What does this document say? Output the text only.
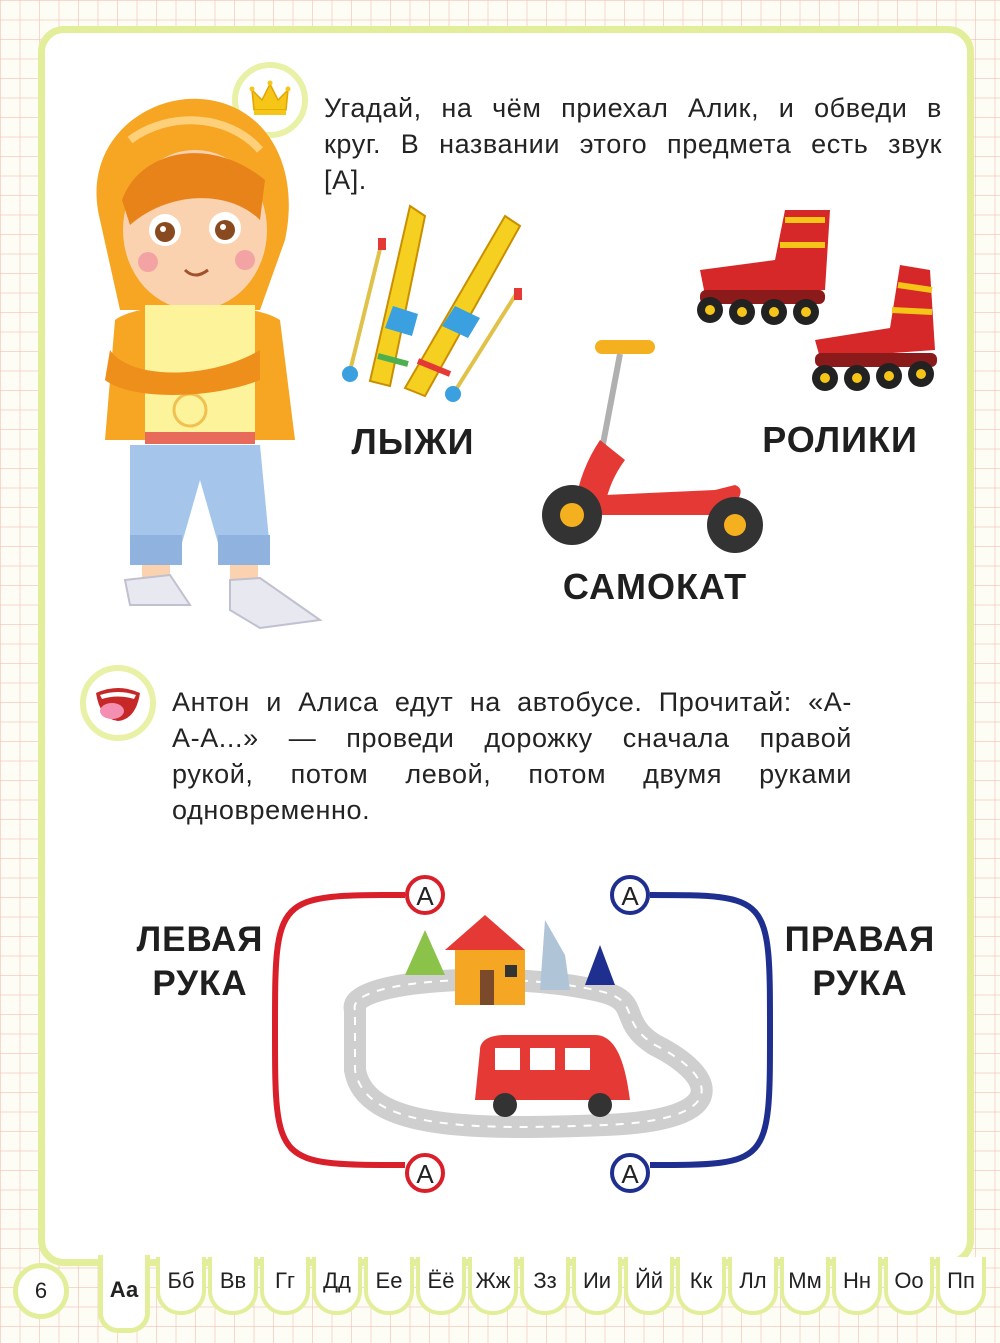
Угадай, на чём приехал Алик, и обведи в круг. В названии этого предмета есть звук [А].

ЛЫЖИ
САМОКАТ
РОЛИКИ

Антон и Алиса едут на автобусе. Прочитай: «А-А-А...» — проведи дорожку сначала правой рукой, потом левой, потом двумя руками одновременно.

А	А
А	А
ЛЕВАЯ
РУКА
ПРАВАЯ
РУКА
6	Аа	Бб	Вв	Гг	Дд	Ее	Ёё Жж	Зз	Ии	Йй	Кк	Лл Мм Нн	Оо	Пп
